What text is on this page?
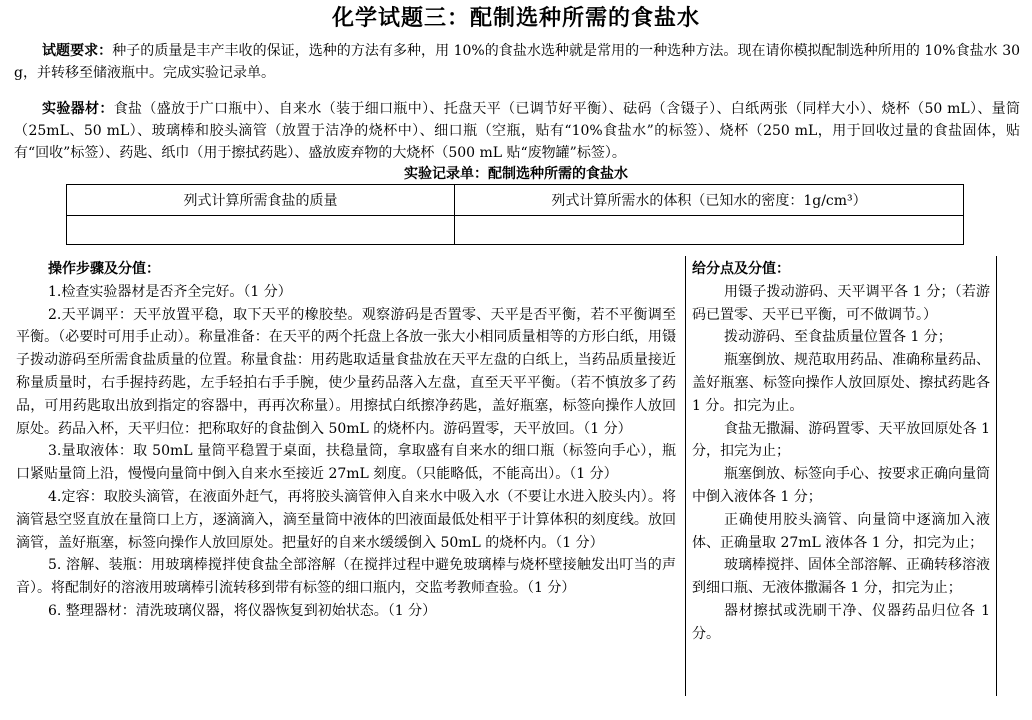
化学试题三：配制选种所需的食盐水
试题要求：种子的质量是丰产丰收的保证，选种的方法有多种，用 10%的食盐水选种就是常用的一种选种方法。现在请你模拟配制选种所用的 10%食盐水 30 g，并转移至储液瓶中。完成实验记录单。
实验器材：食盐（盛放于广口瓶中）、自来水（装于细口瓶中）、托盘天平（已调节好平衡）、砝码（含镊子）、白纸两张（同样大小）、烧杯（50 mL）、量筒（25mL、50 mL）、玻璃棒和胶头滴管（放置于洁净的烧杯中）、细口瓶（空瓶，贴有“10%食盐水”的标签）、烧杯（250 mL，用于回收过量的食盐固体，贴有“回收”标签）、药匙、纸巾（用于擦拭药匙）、盛放废弃物的大烧杯（500 mL 贴“废物罐”标签）。
实验记录单：配制选种所需的食盐水
列式计算所需食盐的质量	列式计算所需水的体积（已知水的密度：1g/cm³）

操作步骤及分值：
1.检查实验器材是否齐全完好。（1 分）
2.天平调平：天平放置平稳，取下天平的橡胶垫。观察游码是否置零、天平是否平衡，若不平衡调至平衡。（必要时可用手止动）。称量准备：在天平的两个托盘上各放一张大小相同质量相等的方形白纸，用镊子拨动游码至所需食盐质量的位置。称量食盐：用药匙取适量食盐放在天平左盘的白纸上，当药品质量接近称量质量时，右手握持药匙，左手轻拍右手手腕，使少量药品落入左盘，直至天平平衡。（若不慎放多了药品，可用药匙取出放到指定的容器中，再再次称量）。用擦拭白纸擦净药匙，盖好瓶塞，标签向操作人放回原处。药品入杯，天平归位：把称取好的食盐倒入 50mL 的烧杯内。游码置零，天平放回。（1 分）
3.量取液体：取 50mL 量筒平稳置于桌面，扶稳量筒，拿取盛有自来水的细口瓶（标签向手心），瓶口紧贴量筒上沿，慢慢向量筒中倒入自来水至接近 27mL 刻度。（只能略低，不能高出）。（1 分）
4.定容：取胶头滴管，在液面外赶气，再将胶头滴管伸入自来水中吸入水（不要让水进入胶头内）。将滴管悬空竖直放在量筒口上方，逐滴滴入，滴至量筒中液体的凹液面最低处相平于计算体积的刻度线。放回滴管，盖好瓶塞，标签向操作人放回原处。把量好的自来水缓缓倒入 50mL 的烧杯内。（1 分）
5. 溶解、装瓶：用玻璃棒搅拌使食盐全部溶解（在搅拌过程中避免玻璃棒与烧杯壁接触发出叮当的声音）。将配制好的溶液用玻璃棒引流转移到带有标签的细口瓶内，交监考教师查验。（1 分）
6. 整理器材：清洗玻璃仪器，将仪器恢复到初始状态。（1 分）
给分点及分值：
用镊子拨动游码、天平调平各 1 分；（若游码已置零、天平已平衡，可不做调节。）
拨动游码、至食盐质量位置各 1 分；
瓶塞倒放、规范取用药品、准确称量药品、盖好瓶塞、标签向操作人放回原处、擦拭药匙各 1 分。扣完为止。
食盐无撒漏、游码置零、天平放回原处各 1 分，扣完为止；
瓶塞倒放、标签向手心、按要求正确向量筒中倒入液体各 1 分；
正确使用胶头滴管、向量筒中逐滴加入液体、正确量取 27mL 液体各 1 分，扣完为止；
玻璃棒搅拌、固体全部溶解、正确转移溶液到细口瓶、无液体撒漏各 1 分，扣完为止；
器材擦拭或洗刷干净、仪器药品归位各 1 分。
